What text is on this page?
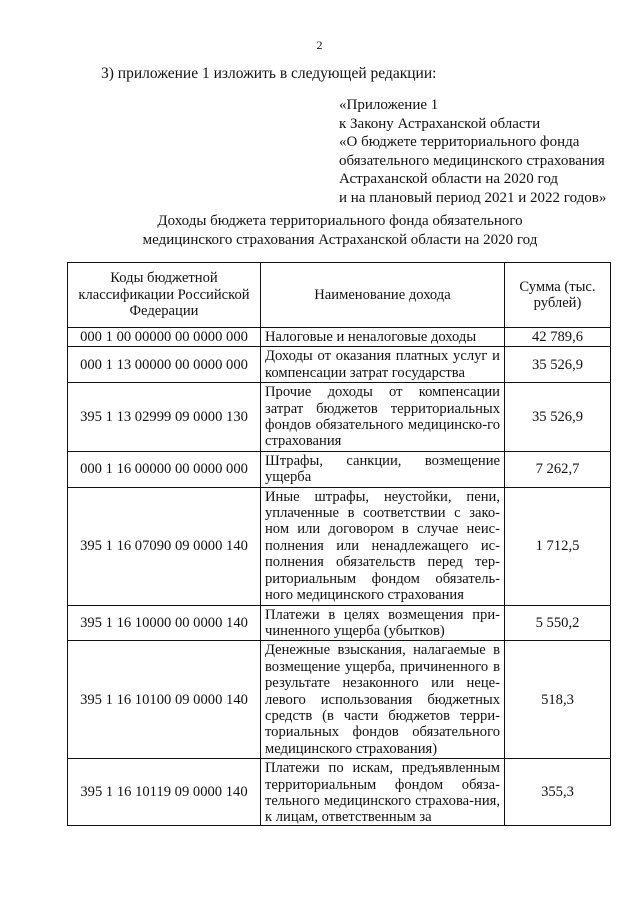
2
3) приложение 1 изложить в следующей редакции:
«Приложение 1
к Закону Астраханской области
«О бюджете территориального фонда
обязательного медицинского страхования
Астраханской области на 2020 год
и на плановый период 2021 и 2022 годов»
Доходы бюджета территориального фонда обязательного
медицинского страхования Астраханской области на 2020 год
Коды бюджетной классификации Российской Федерации	Наименование дохода	Сумма (тыс. рублей)
000 1 00 00000 00 0000 000	Налоговые и неналоговые доходы	42 789,6
000 1 13 00000 00 0000 000	Доходы от оказания платных услуг и компенсации затрат государства	35 526,9
395 1 13 02999 09 0000 130	Прочие доходы от компенсации затрат бюджетов территориальных фондов обязательного медицинско-го страхования	35 526,9
000 1 16 00000 00 0000 000	Штрафы, санкции, возмещение ущерба	7 262,7
395 1 16 07090 09 0000 140	Иные штрафы, неустойки, пени, уплаченные в соответствии с зако-ном или договором в случае неис-полнения или ненадлежащего ис-полнения обязательств перед тер-риториальным фондом обязатель-ного медицинского страхования	1 712,5
395 1 16 10000 00 0000 140	Платежи в целях возмещения при-чиненного ущерба (убытков)	5 550,2
395 1 16 10100 09 0000 140	Денежные взыскания, налагаемые в возмещение ущерба, причиненного в результате незаконного или неце-левого использования бюджетных средств (в части бюджетов терри-ториальных фондов обязательного медицинского страхования)	518,3
395 1 16 10119 09 0000 140	Платежи по искам, предъявленным территориальным фондом обяза-тельного медицинского страхова-ния, к лицам, ответственным за	355,3
